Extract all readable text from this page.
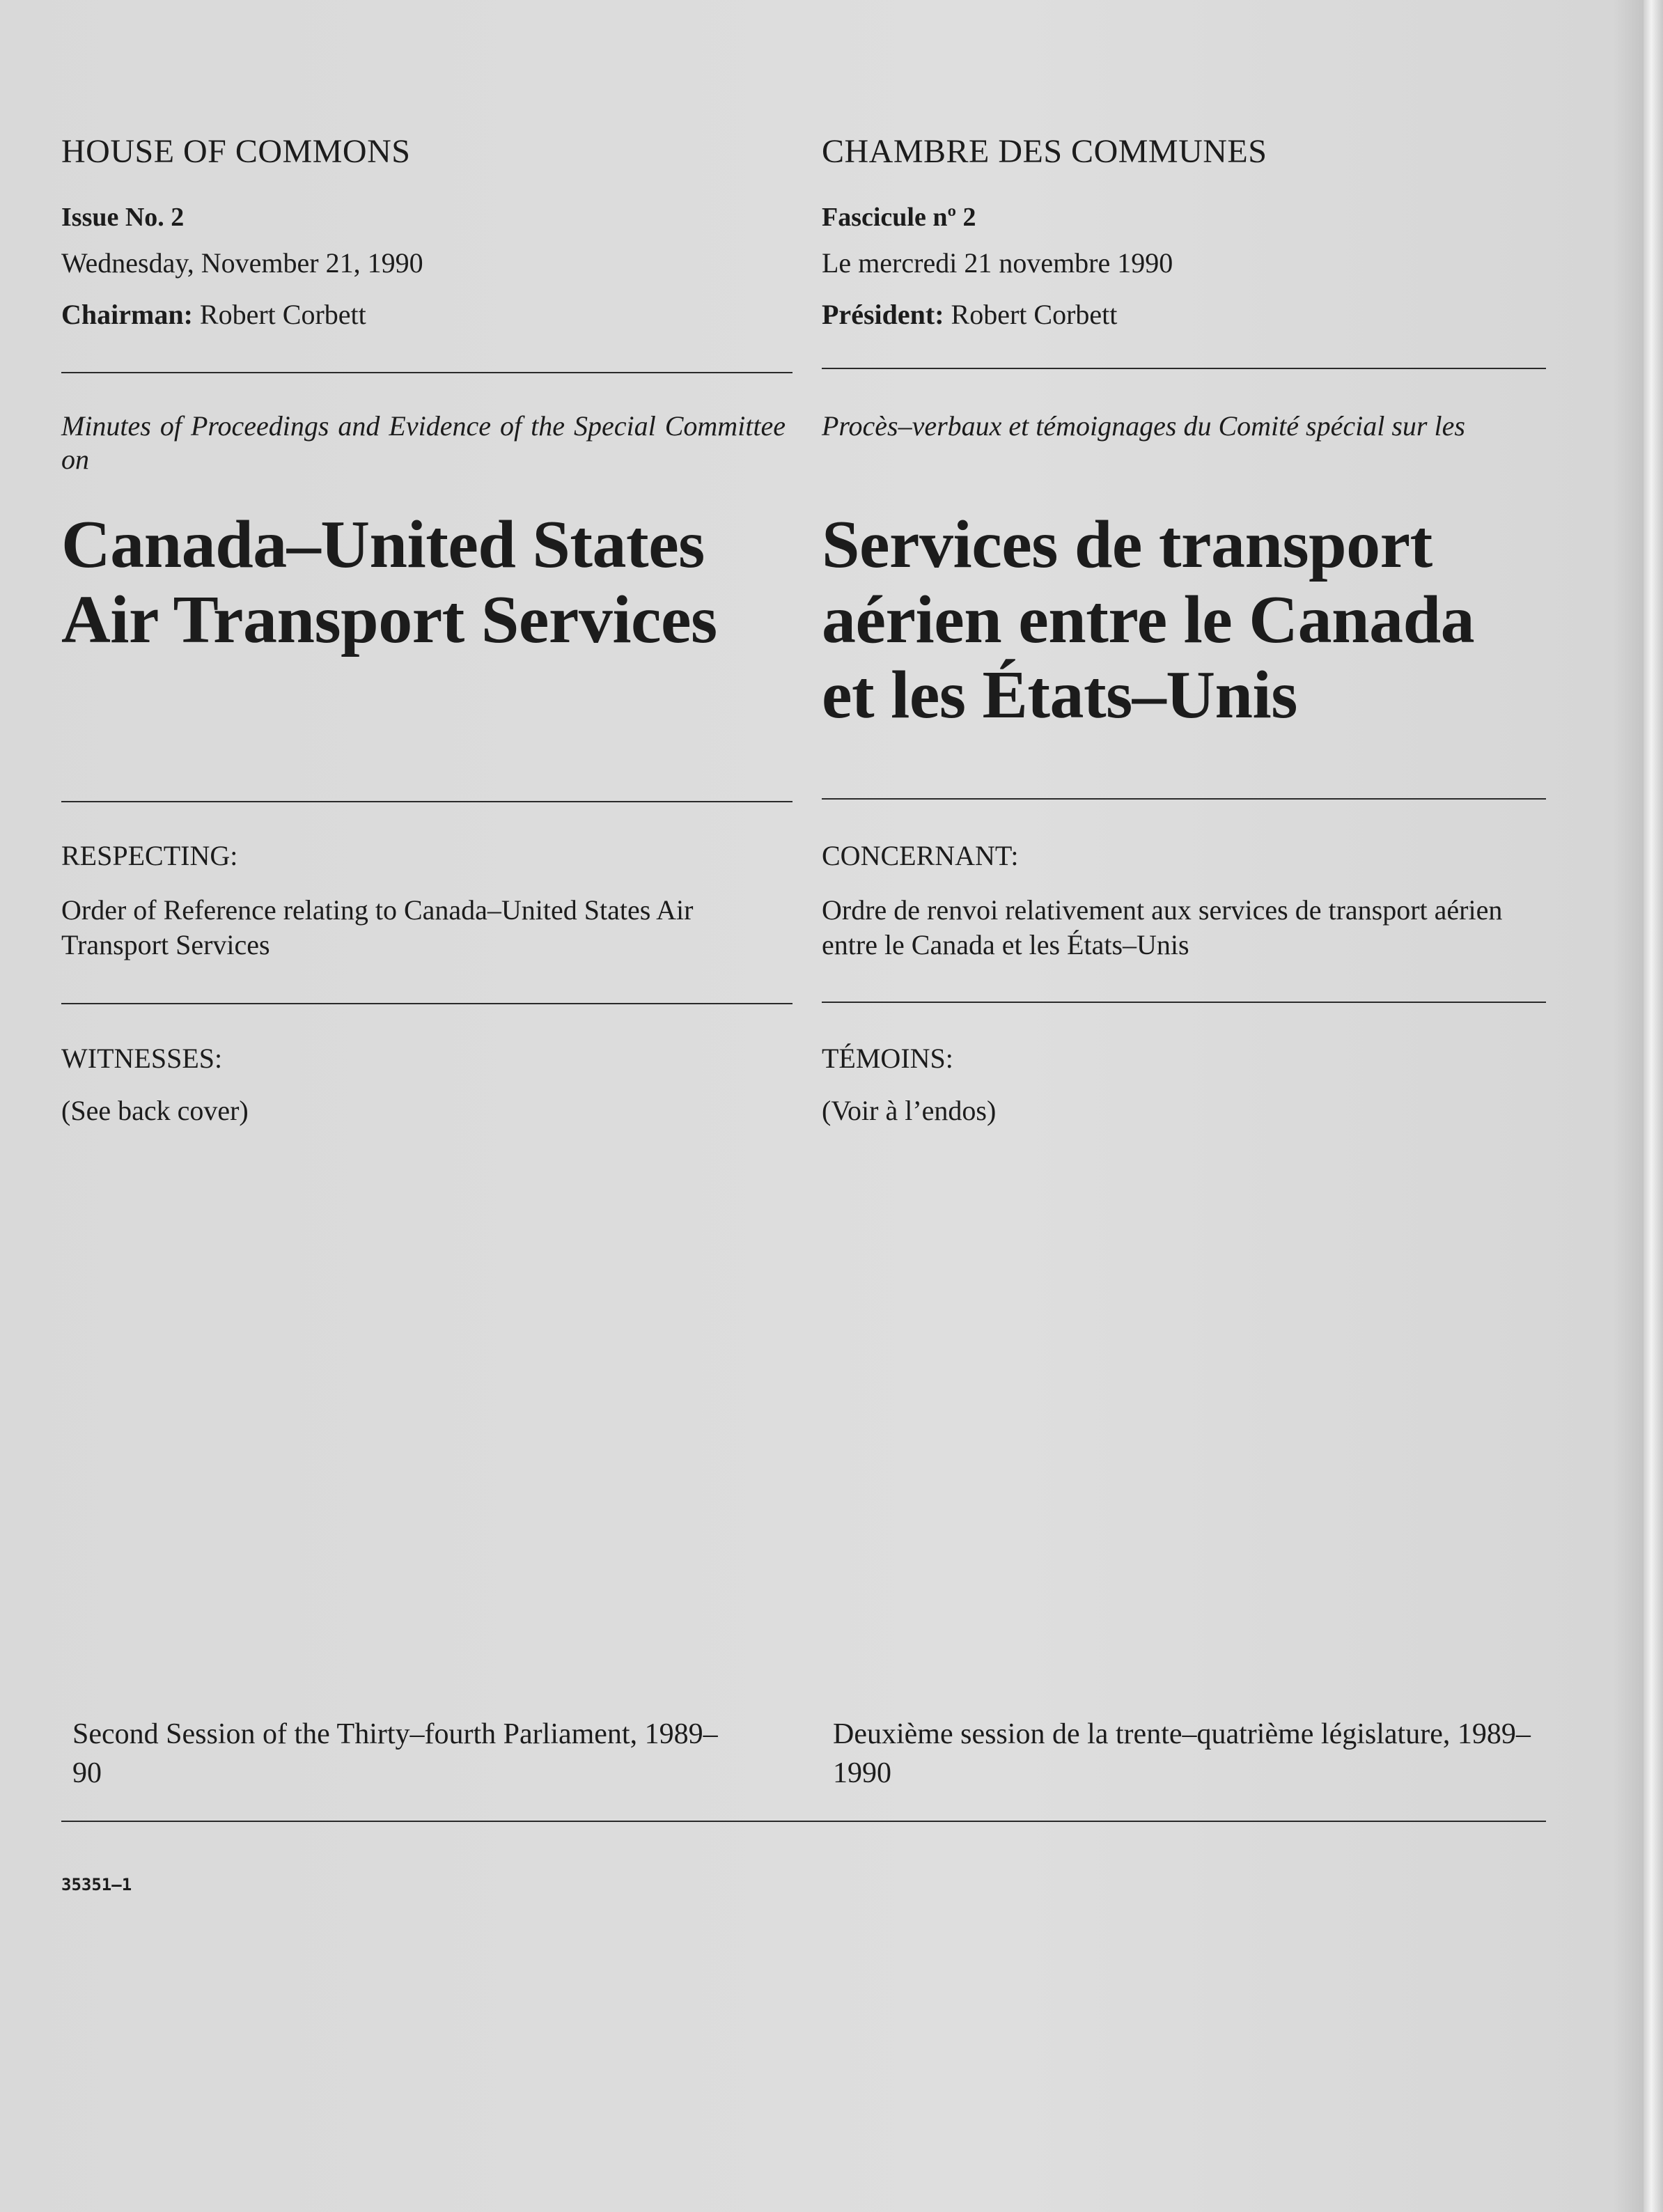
HOUSE OF COMMONS
Issue No. 2
Wednesday, November 21, 1990
Chairman: Robert Corbett
Minutes of Proceedings and Evidence of the Special Committee on
Canada–United States
Air Transport Services
RESPECTING:
Order of Reference relating to Canada–United States Air Transport Services
WITNESSES:
(See back cover)
CHAMBRE DES COMMUNES
Fascicule nº 2
Le mercredi 21 novembre 1990
Président: Robert Corbett
Procès–verbaux et témoignages du Comité spécial sur les
Services de transport
aérien entre le Canada
et les États–Unis
CONCERNANT:
Ordre de renvoi relativement aux services de transport aérien entre le Canada et les États–Unis
TÉMOINS:
(Voir à l’endos)
Second Session of the Thirty–fourth Parliament, 1989–90
Deuxième session de la trente–quatrième législature, 1989–1990
35351–1
